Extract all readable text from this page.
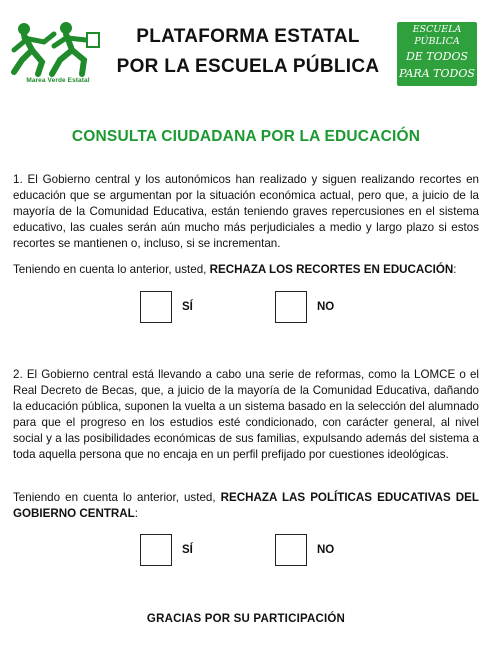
Marea Verde Estatal
PLATAFORMA ESTATAL
POR LA ESCUELA PÚBLICA
ESCUELA PÚBLICA
DE TODOS
PARA TODOS
CONSULTA CIUDADANA POR LA EDUCACIÓN
1. El Gobierno central y los autonómicos han realizado y siguen realizando recortes en educación que se argumentan por la situación económica actual, pero que, a juicio de la mayoría de la Comunidad Educativa, están teniendo graves repercusiones en el sistema educativo, las cuales serán aún mucho más perjudiciales a medio y largo plazo si estos recortes se mantienen o, incluso, si se incrementan.
Teniendo en cuenta lo anterior, usted, RECHAZA LOS RECORTES EN EDUCACIÓN:
SÍ	NO
2. El Gobierno central está llevando a cabo una serie de reformas, como la LOMCE o el Real Decreto de Becas, que, a juicio de la mayoría de la Comunidad Educativa, dañando la educación pública, suponen la vuelta a un sistema basado en la selección del alumnado para que el progreso en los estudios esté condicionado, con carácter general, al nivel social y a las posibilidades económicas de sus familias, expulsando además del sistema a toda aquella persona que no encaja en un perfil prefijado por cuestiones ideológicas.
Teniendo en cuenta lo anterior, usted, RECHAZA LAS POLÍTICAS EDUCATIVAS DEL GOBIERNO CENTRAL:
SÍ	NO
GRACIAS POR SU PARTICIPACIÓN
